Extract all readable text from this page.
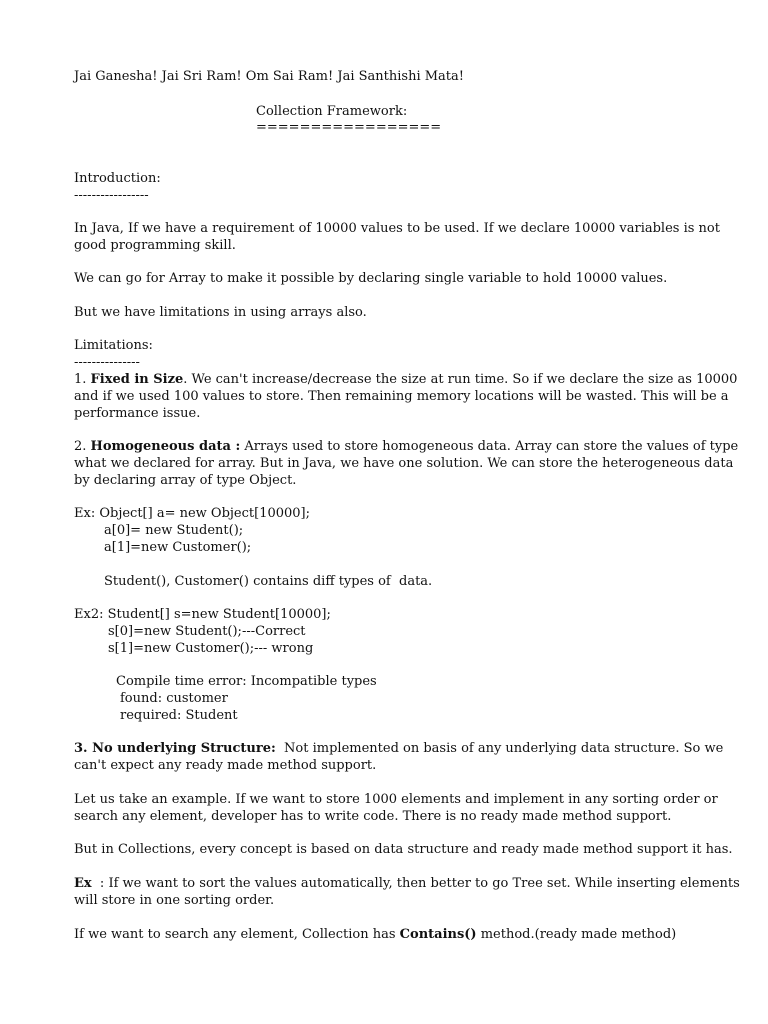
Jai Ganesha! Jai Sri Ram! Om Sai Ram! Jai Santhishi Mata!
Collection Framework:
=================
Introduction:
-----------------
In Java, If we have a requirement of 10000 values to be used. If we declare 10000 variables is not
good programming skill.
We can go for Array to make it possible by declaring single variable to hold 10000 values.
But we have limitations in using arrays also.
Limitations:
---------------
1. Fixed in Size. We can't increase/decrease the size at run time. So if we declare the size as 10000
and if we used 100 values to store. Then remaining memory locations will be wasted. This will be a
performance issue.
2. Homogeneous data : Arrays used to store homogeneous data. Array can store the values of type
what we declared for array. But in Java, we have one solution. We can store the heterogeneous data
by declaring array of type Object.
Ex: Object[] a= new Object[10000];
a[0]= new Student();
a[1]=new Customer();
Student(), Customer() contains diff types of  data.
Ex2: Student[] s=new Student[10000];
s[0]=new Student();---Correct
s[1]=new Customer();--- wrong
Compile time error: Incompatible types
found: customer
required: Student
3. No underlying Structure:  Not implemented on basis of any underlying data structure. So we
can't expect any ready made method support.
Let us take an example. If we want to store 1000 elements and implement in any sorting order or
search any element, developer has to write code. There is no ready made method support.
But in Collections, every concept is based on data structure and ready made method support it has.
Ex  : If we want to sort the values automatically, then better to go Tree set. While inserting elements
will store in one sorting order.
If we want to search any element, Collection has Contains() method.(ready made method)
